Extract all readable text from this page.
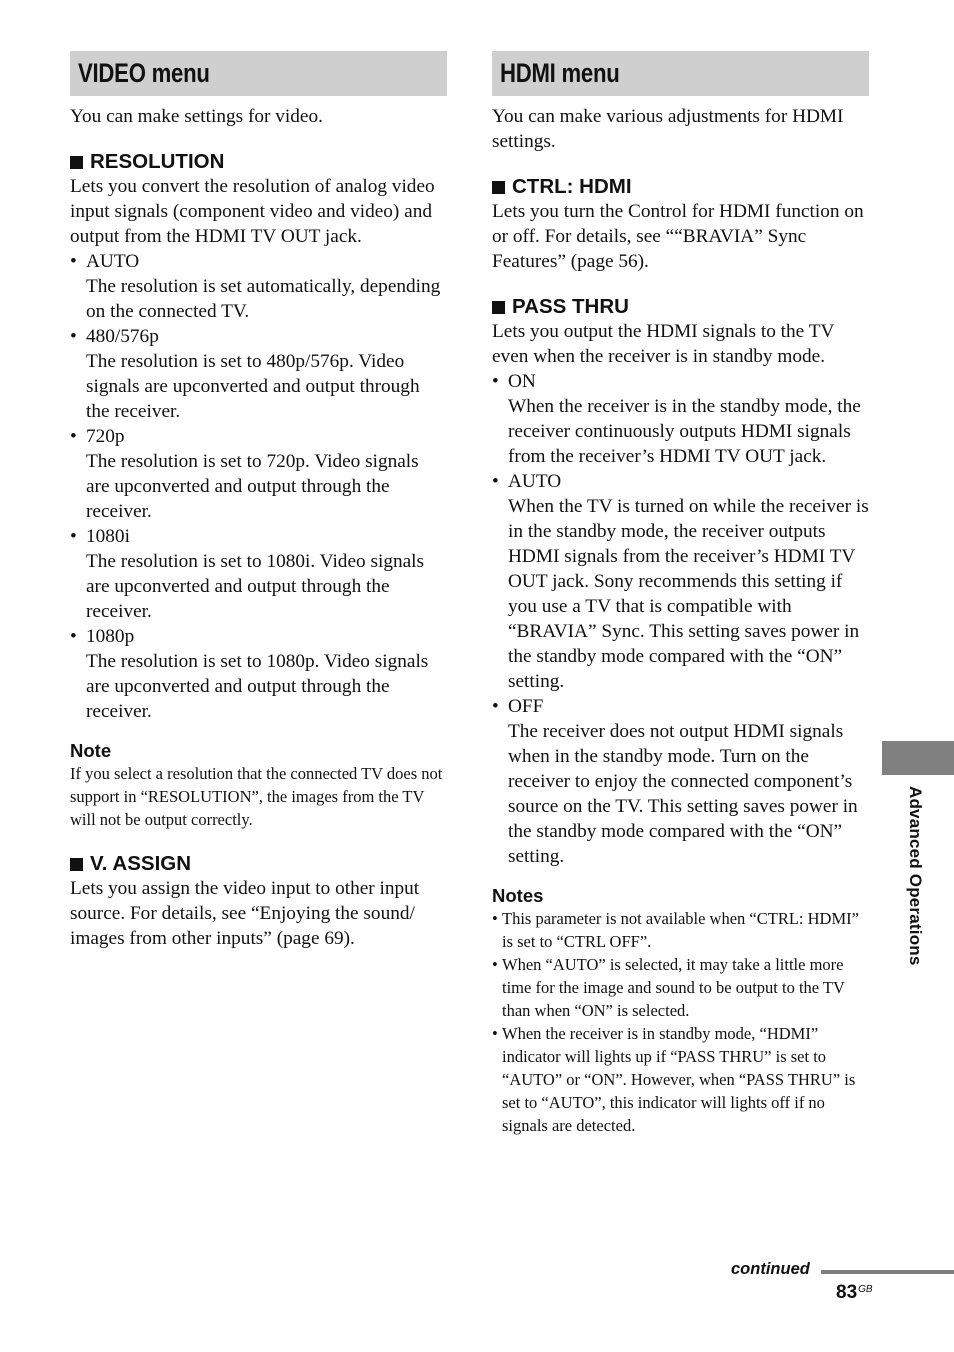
VIDEO menu

You can make settings for video.

RESOLUTION

Lets you convert the resolution of analog video input signals (component video and video) and output from the HDMI TV OUT jack.

• AUTO
The resolution is set automatically, depending on the connected TV.
• 480/576p
The resolution is set to 480p/576p. Video signals are upconverted and output through the receiver.
• 720p
The resolution is set to 720p. Video signals are upconverted and output through the receiver.
• 1080i
The resolution is set to 1080i. Video signals are upconverted and output through the receiver.
• 1080p
The resolution is set to 1080p. Video signals are upconverted and output through the receiver.
Note
If you select a resolution that the connected TV does not support in “RESOLUTION”, the images from the TV will not be output correctly.
V. ASSIGN

Lets you assign the video input to other input source. For details, see “Enjoying the sound/ images from other inputs” (page 69).

HDMI menu

You can make various adjustments for HDMI settings.

CTRL: HDMI

Lets you turn the Control for HDMI function on or off. For details, see ““BRAVIA” Sync Features” (page 56).

PASS THRU

Lets you output the HDMI signals to the TV even when the receiver is in standby mode.

• ON
When the receiver is in the standby mode, the receiver continuously outputs HDMI signals from the receiver’s HDMI TV OUT jack.
• AUTO
When the TV is turned on while the receiver is in the standby mode, the receiver outputs HDMI signals from the receiver’s HDMI TV OUT jack. Sony recommends this setting if you use a TV that is compatible with “BRAVIA” Sync. This setting saves power in the standby mode compared with the “ON” setting.
• OFF
The receiver does not output HDMI signals when in the standby mode. Turn on the receiver to enjoy the connected component’s source on the TV. This setting saves power in the standby mode compared with the “ON” setting.
Notes
• This parameter is not available when “CTRL: HDMI” is set to “CTRL OFF”.
• When “AUTO” is selected, it may take a little more time for the image and sound to be output to the TV than when “ON” is selected.
• When the receiver is in standby mode, “HDMI” indicator will lights up if “PASS THRU” is set to “AUTO” or “ON”. However, when “PASS THRU” is set to “AUTO”, this indicator will lights off if no signals are detected.
Advanced Operations
continued
$83^{GB}$
